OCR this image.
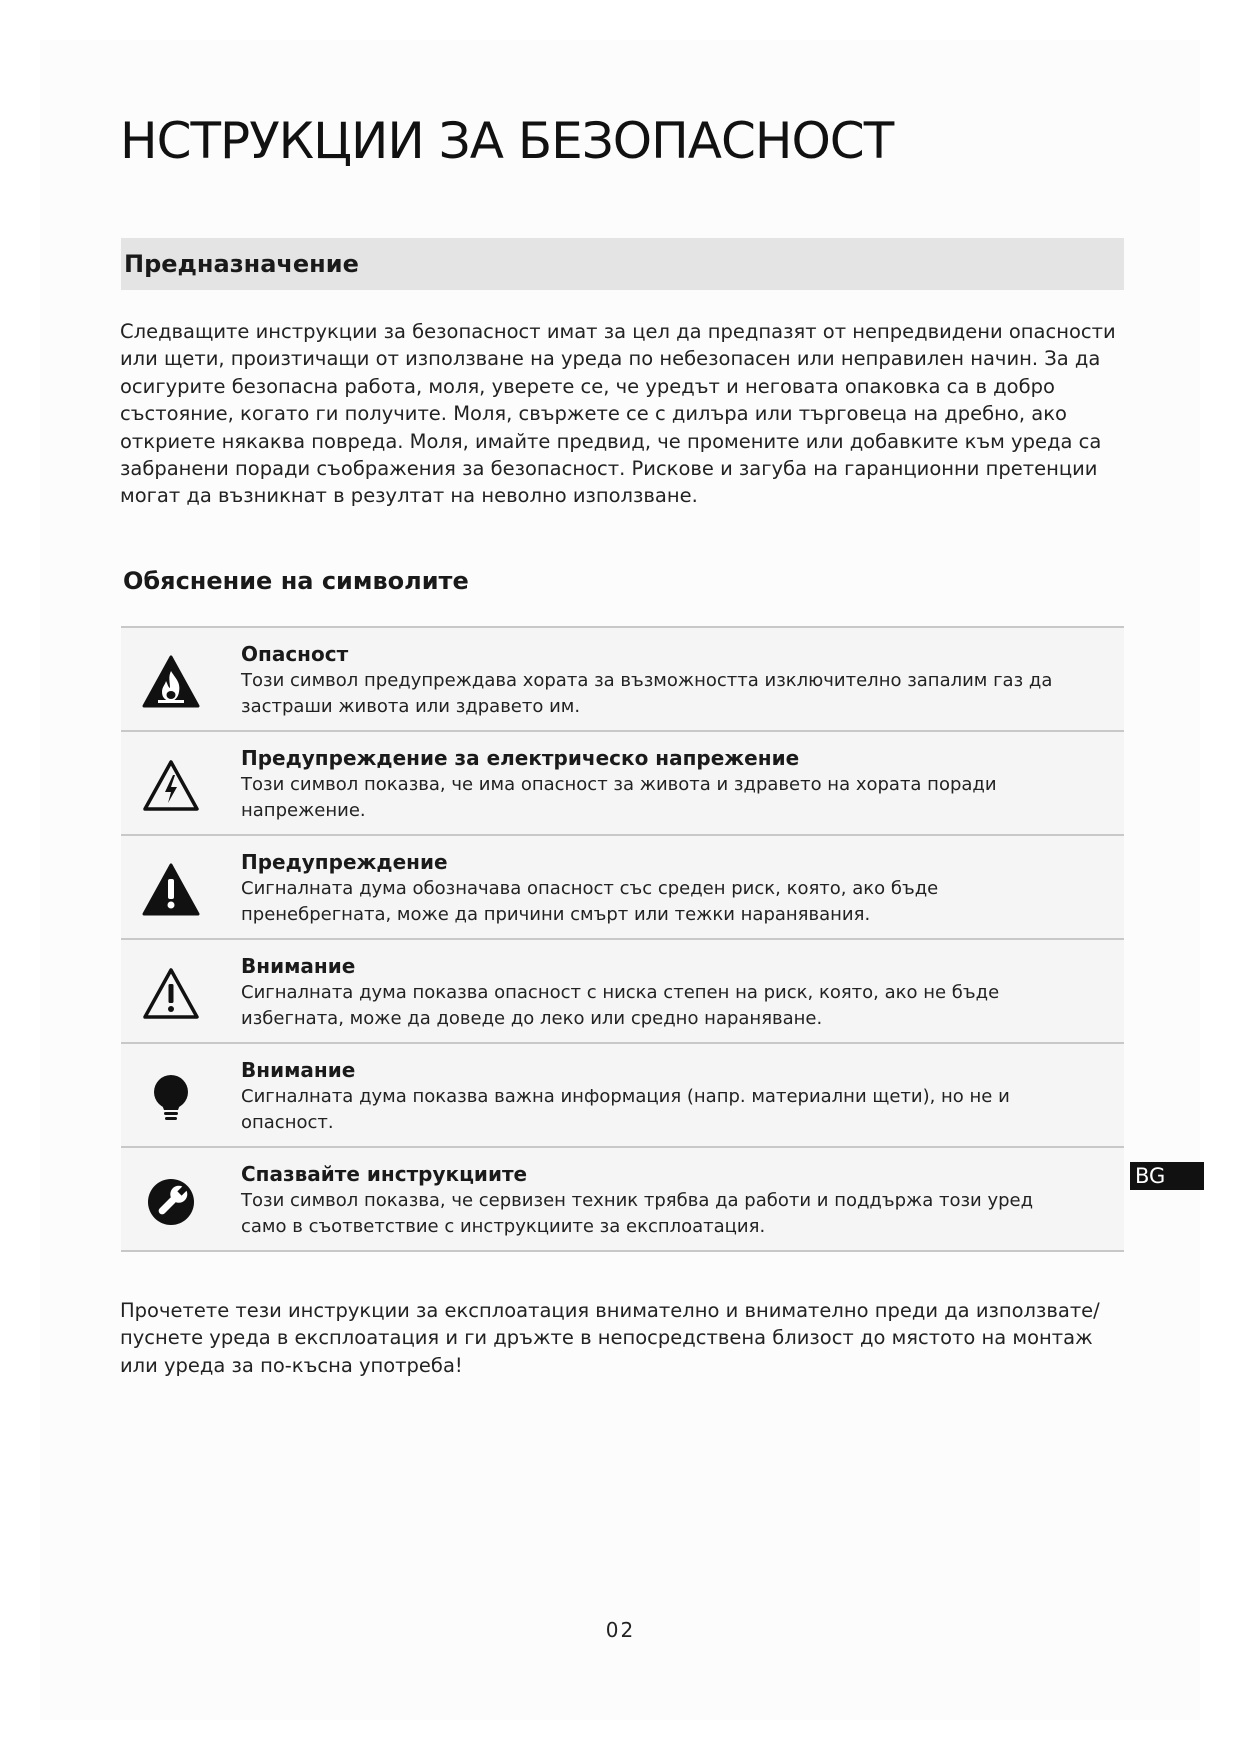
НСТРУКЦИИ ЗА БЕЗОПАСНОСТ
Предназначение

Следващите инструкции за безопасност имат за цел да предпазят от непредвидени опасности или щети, произтичащи от използване на уреда по небезопасен или неправилен начин. За да осигурите безопасна работа, моля, уверете се, че уредът и неговата опаковка са в добро състояние, когато ги получите. Моля, свържете се с дилъра или търговеца на дребно, ако откриете някаква повреда. Моля, имайте предвид, че промените или добавките към уреда са забранени поради съображения за безопасност. Рискове и загуба на гаранционни претенции могат да възникнат в резултат на неволно използване.

Обяснение на символите
Опасност
Този символ предупреждава хората за възможността изключително запалим газ да застраши живота или здравето им.
Предупреждение за електрическо напрежение
Този символ показва, че има опасност за живота и здравето на хората поради напрежение.
Предупреждение
Сигналната дума обозначава опасност със среден риск, която, ако бъде пренебрегната, може да причини смърт или тежки наранявания.
Внимание
Сигналната дума показва опасност с ниска степен на риск, която, ако не бъде избегната, може да доведе до леко или средно нараняване.
Внимание
Сигналната дума показва важна информация (напр. материални щети), но не и опасност.
Спазвайте инструкциите
Този символ показва, че сервизен техник трябва да работи и поддържа този уред само в съответствие с инструкциите за експлоатация.

Прочетете тези инструкции за експлоатация внимателно и внимателно преди да използвате/пуснете уреда в експлоатация и ги дръжте в непосредствена близост до мястото на монтаж или уреда за по-късна употреба!

BG
02
